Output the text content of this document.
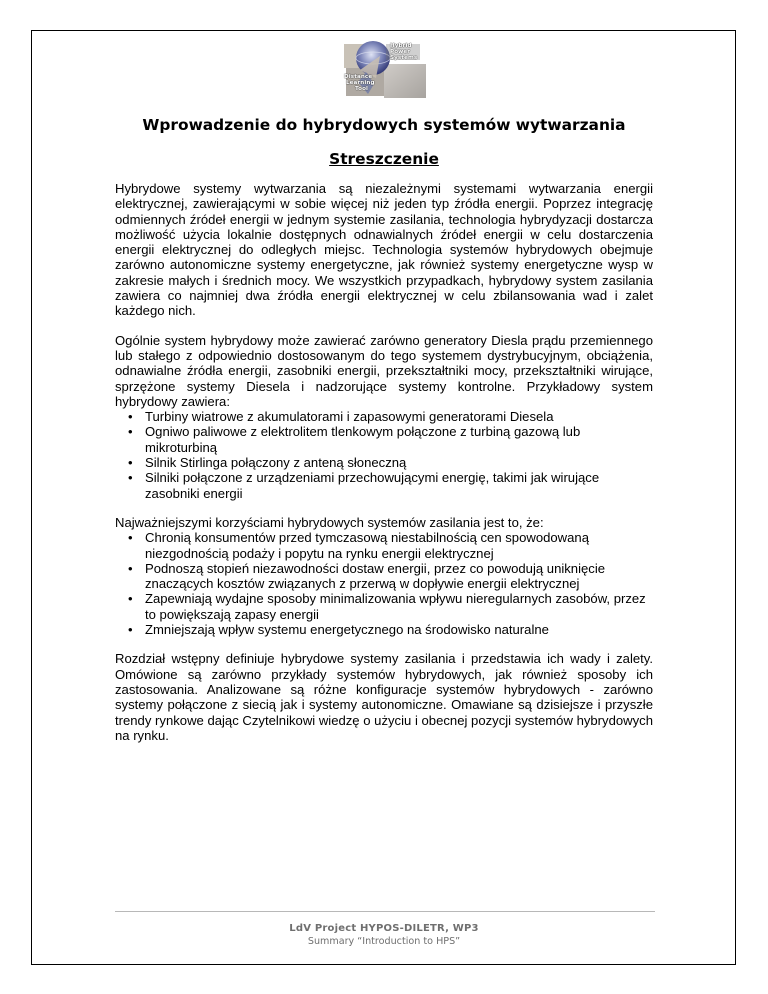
Hybrid
Power
Systems
Distance
Learning
Tool
Wprowadzenie do hybrydowych systemów wytwarzania
Streszczenie

Hybrydowe systemy wytwarzania są niezależnymi systemami wytwarzania energii elektrycznej, zawierającymi w sobie więcej niż jeden typ źródła energii. Poprzez integrację odmiennych źródeł energii w jednym systemie zasilania, technologia hybrydyzacji dostarcza możliwość użycia lokalnie dostępnych odnawialnych źródeł energii w celu dostarczenia energii elektrycznej do odległych miejsc. Technologia systemów hybrydowych obejmuje zarówno autonomiczne systemy energetyczne, jak również systemy energetyczne wysp w zakresie małych i średnich mocy. We wszystkich przypadkach, hybrydowy system zasilania zawiera co najmniej dwa źródła energii elektrycznej w celu zbilansowania wad i zalet każdego nich.

Ogólnie system hybrydowy może zawierać zarówno generatory Diesla prądu przemiennego lub stałego z odpowiednio dostosowanym do tego systemem dystrybucyjnym, obciążenia, odnawialne źródła energii, zasobniki energii, przekształtniki mocy, przekształtniki wirujące, sprzężone systemy Diesela i nadzorujące systemy kontrolne. Przykładowy system hybrydowy zawiera:

• Turbiny wiatrowe z akumulatorami i zapasowymi generatorami Diesela
• Ogniwo paliwowe z elektrolitem tlenkowym połączone z turbiną gazową lub mikroturbiną
• Silnik Stirlinga połączony z anteną słoneczną
• Silniki połączone z urządzeniami przechowującymi energię, takimi jak wirujące zasobniki energii

Najważniejszymi korzyściami hybrydowych systemów zasilania jest to, że:

• Chronią konsumentów przed tymczasową niestabilnością cen spowodowaną niezgodnością podaży i popytu na rynku energii elektrycznej
• Podnoszą stopień niezawodności dostaw energii, przez co powodują uniknięcie znaczących kosztów związanych z przerwą w dopływie energii elektrycznej
• Zapewniają wydajne sposoby minimalizowania wpływu nieregularnych zasobów, przez to powiększają zapasy energii
• Zmniejszają wpływ systemu energetycznego na środowisko naturalne

Rozdział wstępny definiuje hybrydowe systemy zasilania i przedstawia ich wady i zalety. Omówione są zarówno przykłady systemów hybrydowych, jak również sposoby ich zastosowania. Analizowane są różne konfiguracje systemów hybrydowych - zarówno systemy połączone z siecią jak i systemy autonomiczne. Omawiane są dzisiejsze i przyszłe trendy rynkowe dając Czytelnikowi wiedzę o użyciu i obecnej pozycji systemów hybrydowych na rynku.

LdV Project HYPOS-DILETR, WP3
Summary “Introduction to HPS”
